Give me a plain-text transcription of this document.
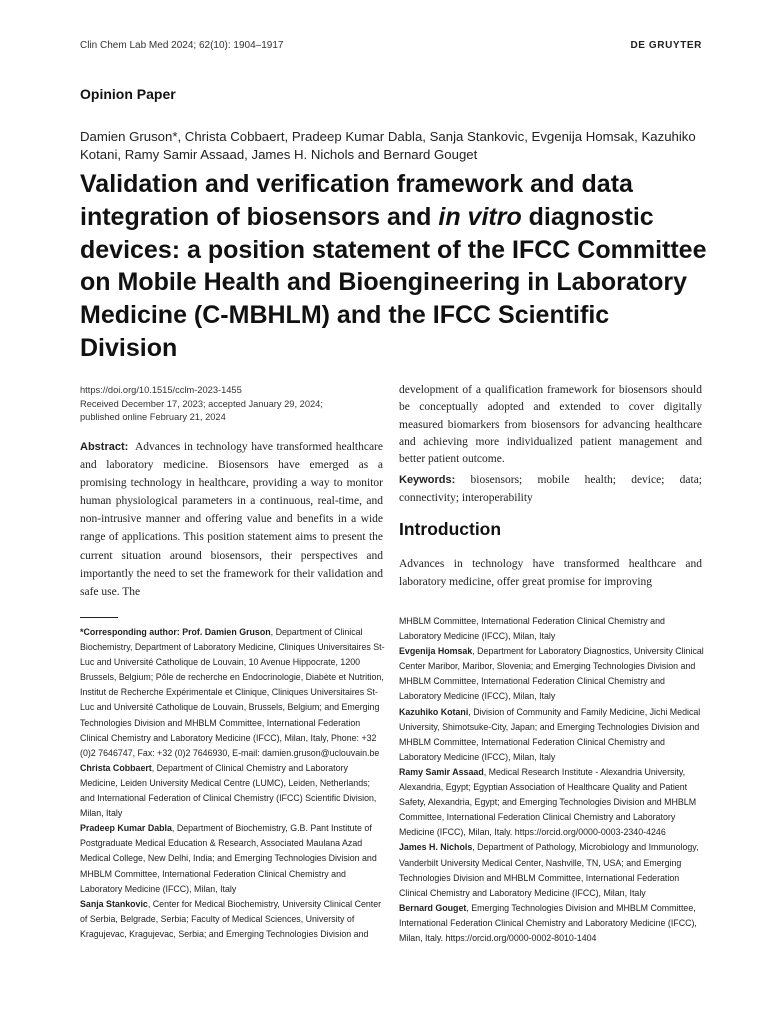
Clin Chem Lab Med 2024; 62(10): 1904–1917	DE GRUYTER
Opinion Paper
Damien Gruson*, Christa Cobbaert, Pradeep Kumar Dabla, Sanja Stankovic, Evgenija Homsak, Kazuhiko Kotani, Ramy Samir Assaad, James H. Nichols and Bernard Gouget
Validation and verification framework and data integration of biosensors and in vitro diagnostic devices: a position statement of the IFCC Committee on Mobile Health and Bioengineering in Laboratory Medicine (C-MBHLM) and the IFCC Scientific Division
https://doi.org/10.1515/cclm-2023-1455
Received December 17, 2023; accepted January 29, 2024;
published online February 21, 2024

Abstract: Advances in technology have transformed healthcare and laboratory medicine. Biosensors have emerged as a promising technology in healthcare, providing a way to monitor human physiological parameters in a continuous, real-time, and non-intrusive manner and offering value and benefits in a wide range of applications. This position statement aims to present the current situation around biosensors, their perspectives and importantly the need to set the framework for their validation and safe use. The

development of a qualification framework for biosensors should be conceptually adopted and extended to cover digitally measured biomarkers from biosensors for advancing healthcare and achieving more individualized patient management and better patient outcome.

Keywords: biosensors; mobile health; device; data; connectivity; interoperability

Introduction

Advances in technology have transformed healthcare and laboratory medicine, offer great promise for improving

*Corresponding author: Prof. Damien Gruson, Department of Clinical Biochemistry, Department of Laboratory Medicine, Cliniques Universitaires St-Luc and Université Catholique de Louvain, 10 Avenue Hippocrate, 1200 Brussels, Belgium; Pôle de recherche en Endocrinologie, Diabète et Nutrition, Institut de Recherche Expérimentale et Clinique, Cliniques Universitaires St-Luc and Université Catholique de Louvain, Brussels, Belgium; and Emerging Technologies Division and MHBLM Committee, International Federation Clinical Chemistry and Laboratory Medicine (IFCC), Milan, Italy, Phone: +32 (0)2 7646747, Fax: +32 (0)2 7646930, E-mail: damien.gruson@uclouvain.be

Christa Cobbaert, Department of Clinical Chemistry and Laboratory Medicine, Leiden University Medical Centre (LUMC), Leiden, Netherlands; and International Federation of Clinical Chemistry (IFCC) Scientific Division, Milan, Italy

Pradeep Kumar Dabla, Department of Biochemistry, G.B. Pant Institute of Postgraduate Medical Education & Research, Associated Maulana Azad Medical College, New Delhi, India; and Emerging Technologies Division and MHBLM Committee, International Federation Clinical Chemistry and Laboratory Medicine (IFCC), Milan, Italy

Sanja Stankovic, Center for Medical Biochemistry, University Clinical Center of Serbia, Belgrade, Serbia; Faculty of Medical Sciences, University of Kragujevac, Kragujevac, Serbia; and Emerging Technologies Division and

MHBLM Committee, International Federation Clinical Chemistry and Laboratory Medicine (IFCC), Milan, Italy

Evgenija Homsak, Department for Laboratory Diagnostics, University Clinical Center Maribor, Maribor, Slovenia; and Emerging Technologies Division and MHBLM Committee, International Federation Clinical Chemistry and Laboratory Medicine (IFCC), Milan, Italy

Kazuhiko Kotani, Division of Community and Family Medicine, Jichi Medical University, Shimotsuke-City, Japan; and Emerging Technologies Division and MHBLM Committee, International Federation Clinical Chemistry and Laboratory Medicine (IFCC), Milan, Italy

Ramy Samir Assaad, Medical Research Institute - Alexandria University, Alexandria, Egypt; Egyptian Association of Healthcare Quality and Patient Safety, Alexandria, Egypt; and Emerging Technologies Division and MHBLM Committee, International Federation Clinical Chemistry and Laboratory Medicine (IFCC), Milan, Italy. https://orcid.org/0000-0003-2340-4246

James H. Nichols, Department of Pathology, Microbiology and Immunology, Vanderbilt University Medical Center, Nashville, TN, USA; and Emerging Technologies Division and MHBLM Committee, International Federation Clinical Chemistry and Laboratory Medicine (IFCC), Milan, Italy

Bernard Gouget, Emerging Technologies Division and MHBLM Committee, International Federation Clinical Chemistry and Laboratory Medicine (IFCC), Milan, Italy. https://orcid.org/0000-0002-8010-1404
